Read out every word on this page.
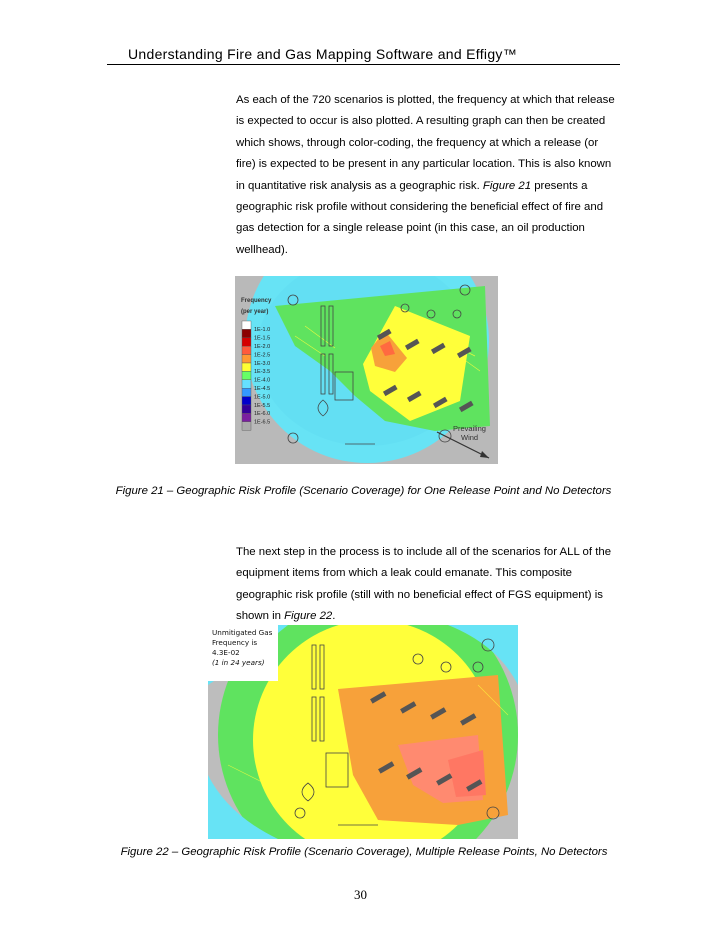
Understanding Fire and Gas Mapping Software and Effigy™

As each of the 720 scenarios is plotted, the frequency at which that release is expected to occur is also plotted. A resulting graph can then be created which shows, through color-coding, the frequency at which a release (or fire) is expected to be present in any particular location. This is also known in quantitative risk analysis as a geographic risk. Figure 21 presents a geographic risk profile without considering the beneficial effect of fire and gas detection for a single release point (in this case, an oil production wellhead).

Frequency
(per year)
1E-1.0
1E-1.5
1E-2.0
1E-2.5
1E-3.0
1E-3.5
1E-4.0
1E-4.5
1E-5.0
1E-5.5
1E-6.0
1E-6.5
Prevailing
Wind
Figure 21 – Geographic Risk Profile (Scenario Coverage) for One Release Point and No Detectors

The next step in the process is to include all of the scenarios for ALL of the equipment items from which a leak could emanate. This composite geographic risk profile (still with no beneficial effect of FGS equipment) is shown in Figure 22.

Unmitigated Gas
Frequency is
4.3E-02
(1 in 24 years)
Figure 22 – Geographic Risk Profile (Scenario Coverage), Multiple Release Points, No Detectors
30
